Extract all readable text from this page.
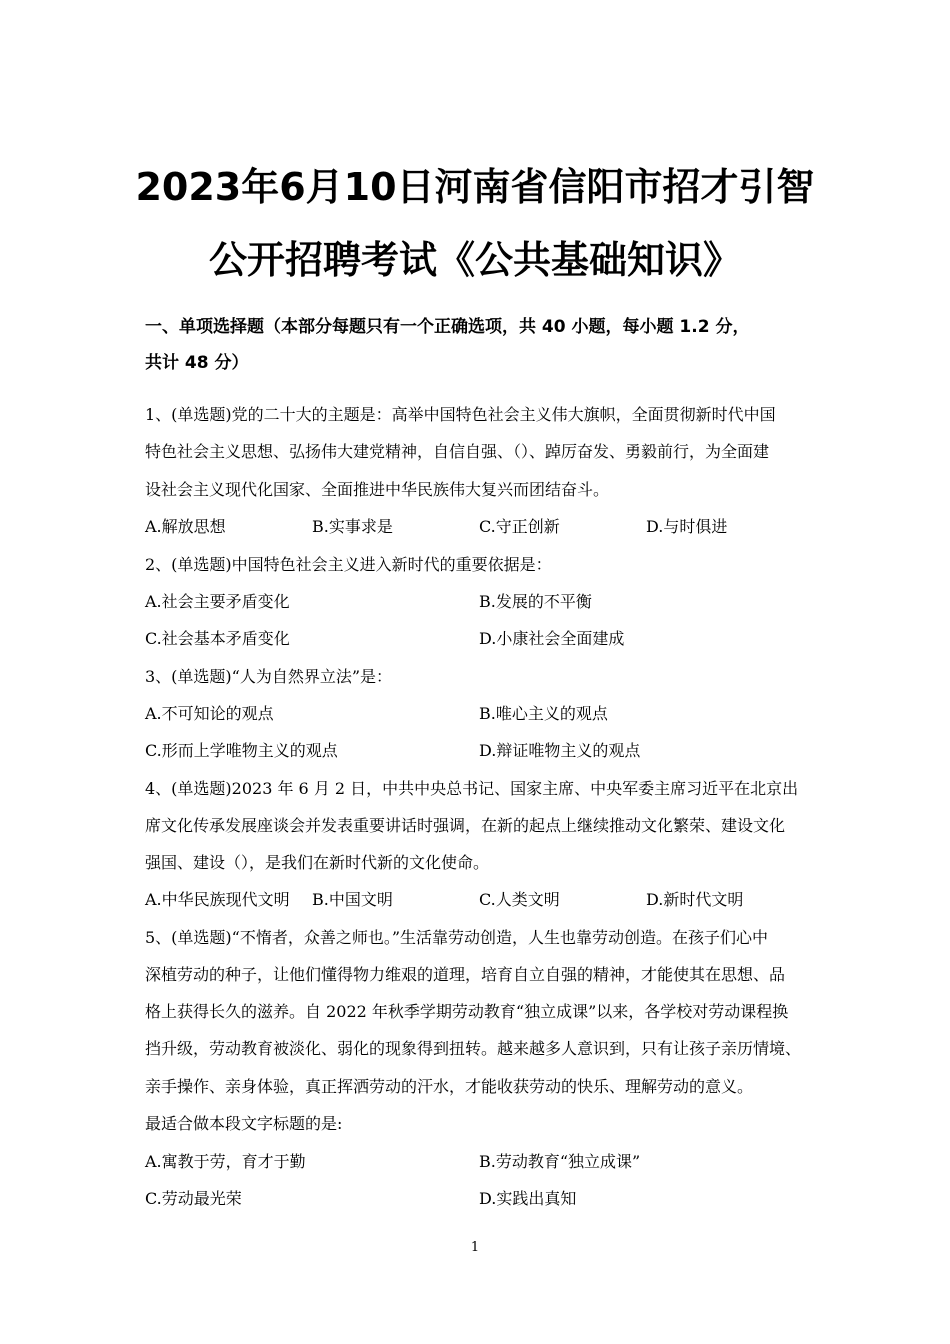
2023年6月10日河南省信阳市招才引智
公开招聘考试《公共基础知识》
一、单项选择题（本部分每题只有一个正确选项，共 40 小题，每小题 1.2 分，
共计 48 分）
1、(单选题)党的二十大的主题是：高举中国特色社会主义伟大旗帜，全面贯彻新时代中国
特色社会主义思想、弘扬伟大建党精神，自信自强、（）、踔厉奋发、勇毅前行，为全面建
设社会主义现代化国家、全面推进中华民族伟大复兴而团结奋斗。
A.解放思想	B.实事求是	C.守正创新	D.与时俱进
2、(单选题)中国特色社会主义进入新时代的重要依据是：
A.社会主要矛盾变化	B.发展的不平衡
C.社会基本矛盾变化	D.小康社会全面建成
3、(单选题)“人为自然界立法”是：
A.不可知论的观点	B.唯心主义的观点
C.形而上学唯物主义的观点	D.辩证唯物主义的观点
4、(单选题)2023 年 6 月 2 日，中共中央总书记、国家主席、中央军委主席习近平在北京出
席文化传承发展座谈会并发表重要讲话时强调，在新的起点上继续推动文化繁荣、建设文化
强国、建设（），是我们在新时代新的文化使命。
A.中华民族现代文明 B.中国文明	C.人类文明	D.新时代文明
5、(单选题)“不惰者，众善之师也。”生活靠劳动创造，人生也靠劳动创造。在孩子们心中
深植劳动的种子，让他们懂得物力维艰的道理，培育自立自强的精神，才能使其在思想、品
格上获得长久的滋养。自 2022 年秋季学期劳动教育“独立成课”以来，各学校对劳动课程换
挡升级，劳动教育被淡化、弱化的现象得到扭转。越来越多人意识到，只有让孩子亲历情境、
亲手操作、亲身体验，真正挥洒劳动的汗水，才能收获劳动的快乐、理解劳动的意义。
最适合做本段文字标题的是:
A.寓教于劳，育才于勤	B.劳动教育“独立成课”
C.劳动最光荣	D.实践出真知
1
